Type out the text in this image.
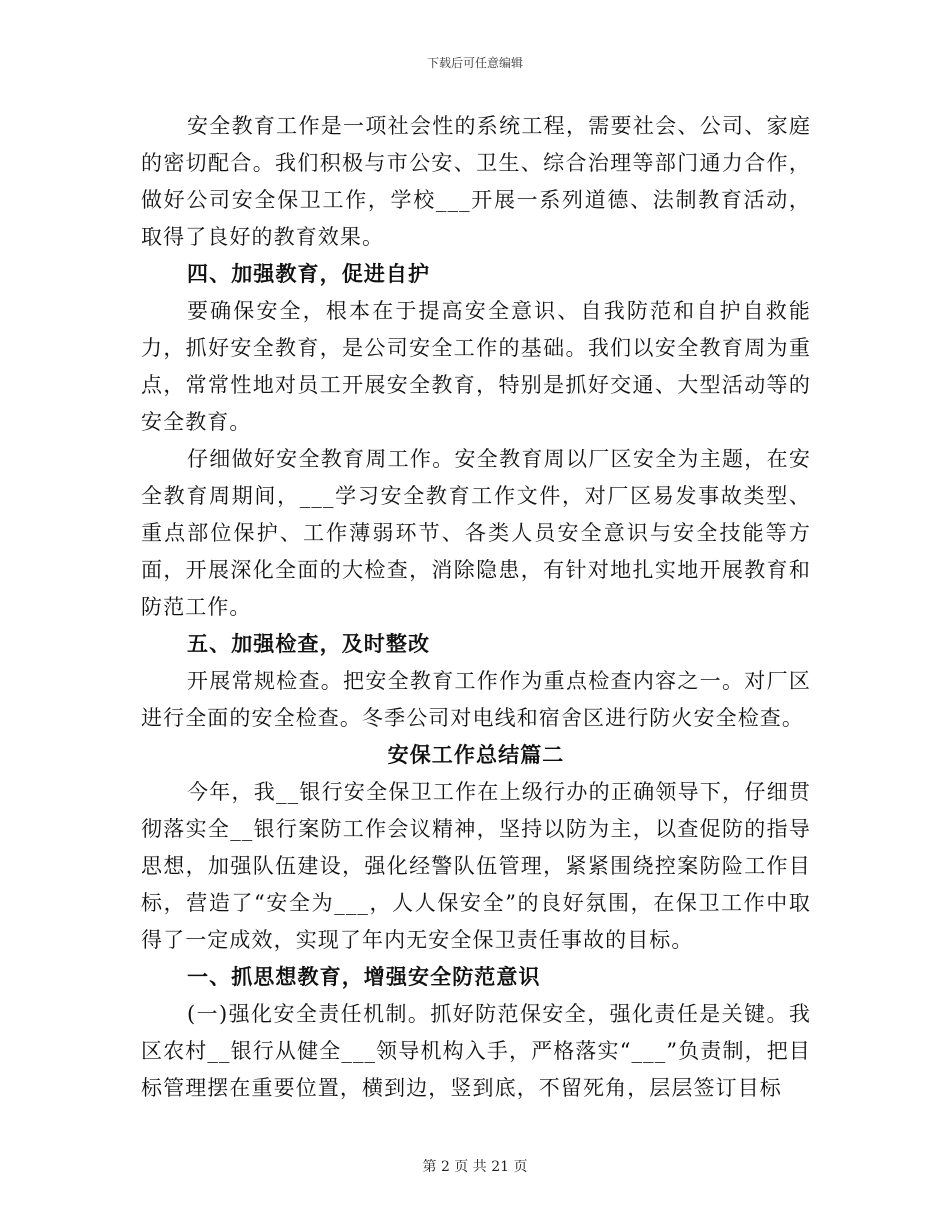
下载后可任意编辑

安全教育工作是一项社会性的系统工程，需要社会、公司、家庭的密切配合。我们积极与市公安、卫生、综合治理等部门通力合作，做好公司安全保卫工作，学校___开展一系列道德、法制教育活动，取得了良好的教育效果。

四、加强教育，促进自护

要确保安全，根本在于提高安全意识、自我防范和自护自救能力，抓好安全教育，是公司安全工作的基础。我们以安全教育周为重点，常常性地对员工开展安全教育，特别是抓好交通、大型活动等的安全教育。

仔细做好安全教育周工作。安全教育周以厂区安全为主题，在安全教育周期间，___学习安全教育工作文件，对厂区易发事故类型、重点部位保护、工作薄弱环节、各类人员安全意识与安全技能等方面，开展深化全面的大检查，消除隐患，有针对地扎实地开展教育和防范工作。

五、加强检查，及时整改

开展常规检查。把安全教育工作作为重点检查内容之一。对厂区进行全面的安全检查。冬季公司对电线和宿舍区进行防火安全检查。

安保工作总结篇二

今年，我__银行安全保卫工作在上级行办的正确领导下，仔细贯彻落实全__银行案防工作会议精神，坚持以防为主，以查促防的指导思想，加强队伍建设，强化经警队伍管理，紧紧围绕控案防险工作目标，营造了“安全为___，人人保安全”的良好氛围，在保卫工作中取得了一定成效，实现了年内无安全保卫责任事故的目标。

一、抓思想教育，增强安全防范意识

(一)强化安全责任机制。抓好防范保安全，强化责任是关键。我区农村__银行从健全___领导机构入手，严格落实“___”负责制，把目标管理摆在重要位置，横到边，竖到底，不留死角，层层签订目标

第 2 页 共 21 页
